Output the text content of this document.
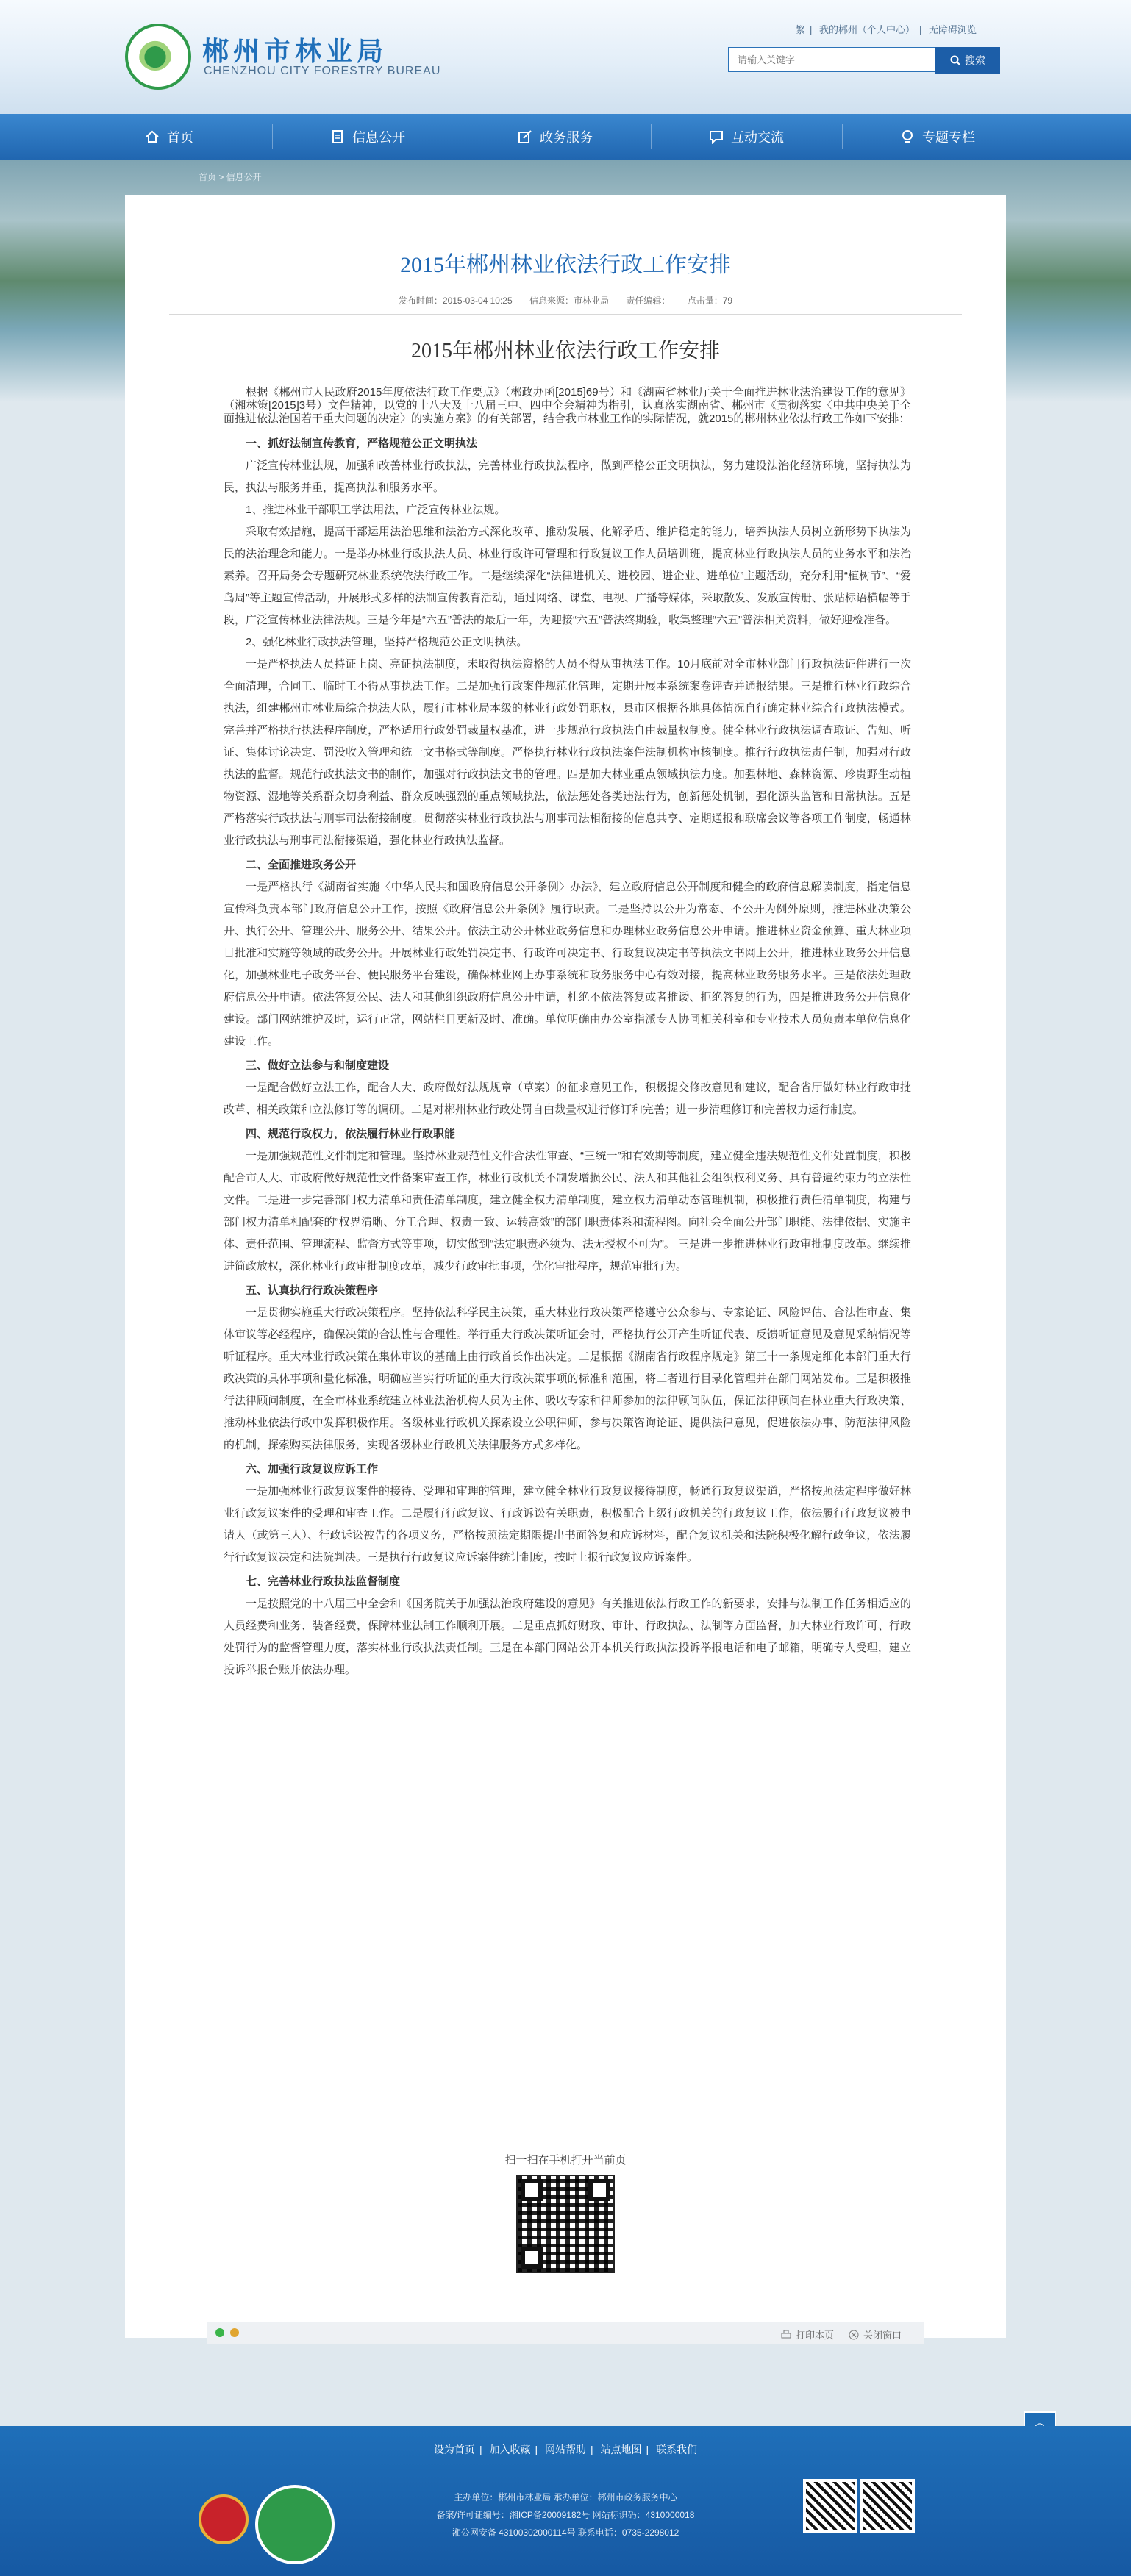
郴州市林业局
CHENZHOU CITY FORESTRY BUREAU
繁 | 我的郴州（个人中心） | 无障碍浏览
请输入关键字
搜索
首页	信息公开	政务服务	互动交流	专题专栏
首页 > 信息公开
2015年郴州林业依法行政工作安排
发布时间：2015-03-04 10:25 信息来源：市林业局 责任编辑： 点击量：79
2015年郴州林业依法行政工作安排

根据《郴州市人民政府2015年度依法行政工作要点》（郴政办函[2015]69号）和《湖南省林业厅关于全面推进林业法治建设工作的意见》（湘林策[2015]3号）文件精神，以党的十八大及十八届三中、四中全会精神为指引，认真落实湖南省、郴州市《贯彻落实〈中共中央关于全面推进依法治国若干重大问题的决定〉的实施方案》的有关部署，结合我市林业工作的实际情况，就2015的郴州林业依法行政工作如下安排：

一、抓好法制宣传教育，严格规范公正文明执法

广泛宣传林业法规，加强和改善林业行政执法，完善林业行政执法程序，做到严格公正文明执法，努力建设法治化经济环境，坚持执法为民，执法与服务并重，提高执法和服务水平。

1、推进林业干部职工学法用法，广泛宣传林业法规。

采取有效措施，提高干部运用法治思维和法治方式深化改革、推动发展、化解矛盾、维护稳定的能力，培养执法人员树立新形势下执法为民的法治理念和能力。一是举办林业行政执法人员、林业行政许可管理和行政复议工作人员培训班，提高林业行政执法人员的业务水平和法治素养。召开局务会专题研究林业系统依法行政工作。二是继续深化“法律进机关、进校园、进企业、进单位”主题活动，充分利用“植树节”、“爱鸟周”等主题宣传活动，开展形式多样的法制宣传教育活动，通过网络、课堂、电视、广播等媒体，采取散发、发放宣传册、张贴标语横幅等手段，广泛宣传林业法律法规。三是今年是“六五”普法的最后一年，为迎接“六五”普法终期验，收集整理“六五”普法相关资料，做好迎检准备。

2、强化林业行政执法管理，坚持严格规范公正文明执法。

一是严格执法人员持证上岗、亮证执法制度，未取得执法资格的人员不得从事执法工作。10月底前对全市林业部门行政执法证件进行一次全面清理，合同工、临时工不得从事执法工作。二是加强行政案件规范化管理，定期开展本系统案卷评查并通报结果。三是推行林业行政综合执法，组建郴州市林业局综合执法大队，履行市林业局本级的林业行政处罚职权，县市区根据各地具体情况自行确定林业综合行政执法模式。完善并严格执行执法程序制度，严格适用行政处罚裁量权基准，进一步规范行政执法自由裁量权制度。健全林业行政执法调查取证、告知、听证、集体讨论决定、罚没收入管理和统一文书格式等制度。严格执行林业行政执法案件法制机构审核制度。推行行政执法责任制，加强对行政执法的监督。规范行政执法文书的制作，加强对行政执法文书的管理。四是加大林业重点领域执法力度。加强林地、森林资源、珍贵野生动植物资源、湿地等关系群众切身利益、群众反映强烈的重点领域执法，依法惩处各类违法行为，创新惩处机制，强化源头监管和日常执法。五是严格落实行政执法与刑事司法衔接制度。贯彻落实林业行政执法与刑事司法相衔接的信息共享、定期通报和联席会议等各项工作制度，畅通林业行政执法与刑事司法衔接渠道，强化林业行政执法监督。

二、全面推进政务公开

一是严格执行《湖南省实施〈中华人民共和国政府信息公开条例〉办法》，建立政府信息公开制度和健全的政府信息解读制度，指定信息宣传科负责本部门政府信息公开工作，按照《政府信息公开条例》履行职责。二是坚持以公开为常态、不公开为例外原则，推进林业决策公开、执行公开、管理公开、服务公开、结果公开。依法主动公开林业政务信息和办理林业政务信息公开申请。推进林业资金预算、重大林业项目批准和实施等领域的政务公开。开展林业行政处罚决定书、行政许可决定书、行政复议决定书等执法文书网上公开，推进林业政务公开信息化，加强林业电子政务平台、便民服务平台建设，确保林业网上办事系统和政务服务中心有效对接，提高林业政务服务水平。三是依法处理政府信息公开申请。依法答复公民、法人和其他组织政府信息公开申请，杜绝不依法答复或者推诿、拒绝答复的行为，四是推进政务公开信息化建设。部门网站维护及时，运行正常，网站栏目更新及时、准确。单位明确由办公室指派专人协同相关科室和专业技术人员负责本单位信息化建设工作。

三、做好立法参与和制度建设

一是配合做好立法工作，配合人大、政府做好法规规章（草案）的征求意见工作，积极提交修改意见和建议，配合省厅做好林业行政审批改革、相关政策和立法修订等的调研。二是对郴州林业行政处罚自由裁量权进行修订和完善；进一步清理修订和完善权力运行制度。

四、规范行政权力，依法履行林业行政职能

一是加强规范性文件制定和管理。坚持林业规范性文件合法性审查、“三统一”和有效期等制度，建立健全违法规范性文件处置制度，积极配合市人大、市政府做好规范性文件备案审查工作，林业行政机关不制发增损公民、法人和其他社会组织权利义务、具有普遍约束力的立法性文件。二是进一步完善部门权力清单和责任清单制度，建立健全权力清单制度，建立权力清单动态管理机制，积极推行责任清单制度，构建与部门权力清单相配套的“权界清晰、分工合理、权责一致、运转高效”的部门职责体系和流程图。向社会全面公开部门职能、法律依据、实施主体、责任范围、管理流程、监督方式等事项，切实做到“法定职责必须为、法无授权不可为”。 三是进一步推进林业行政审批制度改革。继续推进简政放权，深化林业行政审批制度改革，减少行政审批事项，优化审批程序，规范审批行为。

五、认真执行行政决策程序

一是贯彻实施重大行政决策程序。坚持依法科学民主决策，重大林业行政决策严格遵守公众参与、专家论证、风险评估、合法性审查、集体审议等必经程序，确保决策的合法性与合理性。举行重大行政决策听证会时，严格执行公开产生听证代表、反馈听证意见及意见采纳情况等听证程序。重大林业行政决策在集体审议的基础上由行政首长作出决定。二是根据《湖南省行政程序规定》第三十一条规定细化本部门重大行政决策的具体事项和量化标准，明确应当实行听证的重大行政决策事项的标准和范围，将二者进行目录化管理并在部门网站发布。三是积极推行法律顾问制度，在全市林业系统建立林业法治机构人员为主体、吸收专家和律师参加的法律顾问队伍，保证法律顾问在林业重大行政决策、推动林业依法行政中发挥积极作用。各级林业行政机关探索设立公职律师，参与决策咨询论证、提供法律意见，促进依法办事、防范法律风险的机制，探索购买法律服务，实现各级林业行政机关法律服务方式多样化。

六、加强行政复议应诉工作

一是加强林业行政复议案件的接待、受理和审理的管理，建立健全林业行政复议接待制度，畅通行政复议渠道，严格按照法定程序做好林业行政复议案件的受理和审查工作。二是履行行政复议、行政诉讼有关职责，积极配合上级行政机关的行政复议工作，依法履行行政复议被申请人（或第三人）、行政诉讼被告的各项义务，严格按照法定期限提出书面答复和应诉材料，配合复议机关和法院积极化解行政争议，依法履行行政复议决定和法院判决。三是执行行政复议应诉案件统计制度，按时上报行政复议应诉案件。

七、完善林业行政执法监督制度

一是按照党的十八届三中全会和《国务院关于加强法治政府建设的意见》有关推进依法行政工作的新要求，安排与法制工作任务相适应的人员经费和业务、装备经费，保障林业法制工作顺利开展。二是重点抓好财政、审计、行政执法、法制等方面监督，加大林业行政许可、行政处罚行为的监督管理力度，落实林业行政执法责任制。三是在本部门网站公开本机关行政执法投诉举报电话和电子邮箱，明确专人受理，建立投诉举报台账并依法办理。

扫一扫在手机打开当前页
打印本页	关闭窗口
设为首页 | 加入收藏 | 网站帮助 | 站点地图 | 联系我们
主办单位：郴州市林业局 承办单位：郴州市政务服务中心
备案/许可证编号：湘ICP备20009182号 网站标识码：4310000018
湘公网安备 43100302000114号 联系电话：0735-2298012
